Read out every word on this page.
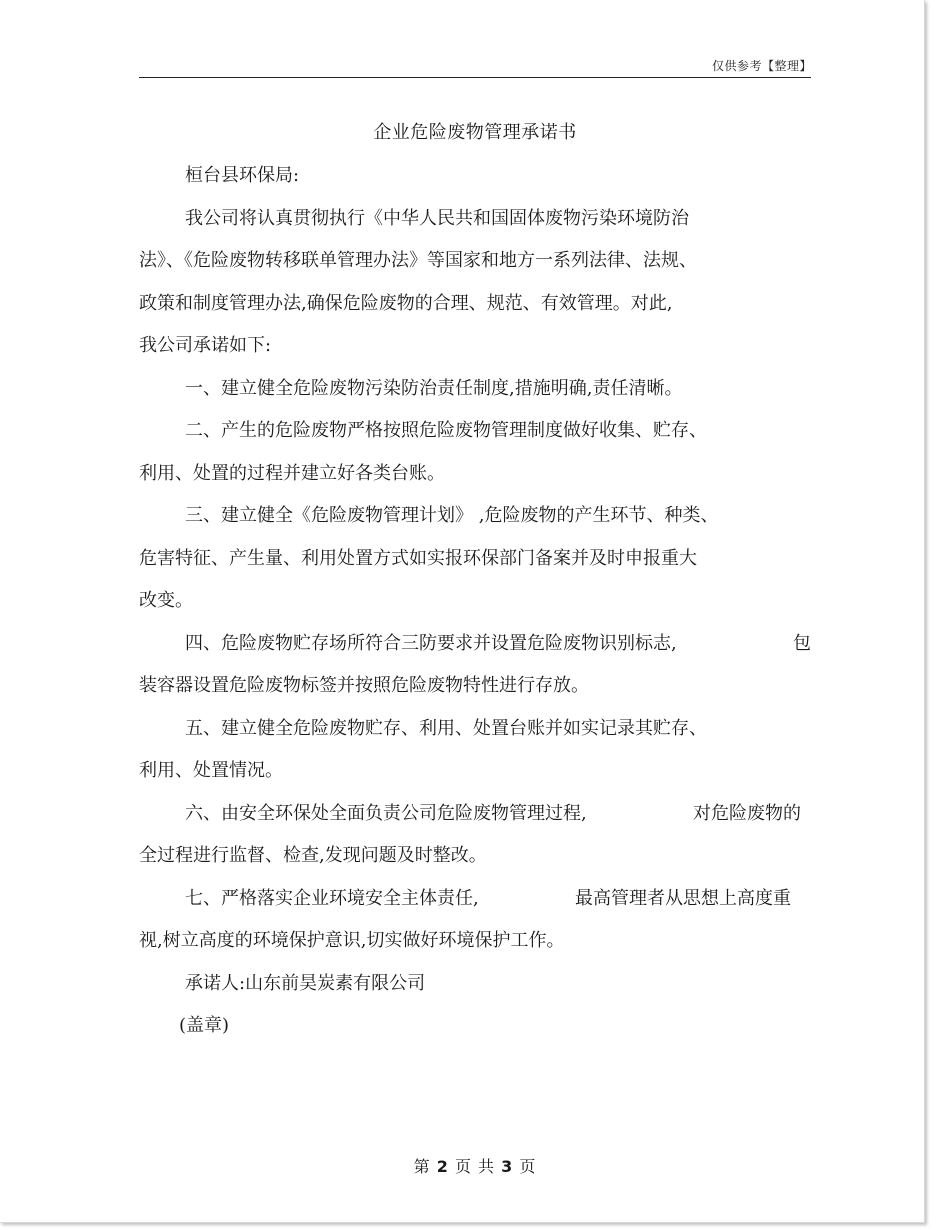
仅供参考【整理】
企业危险废物管理承诺书

桓台县环保局:

我公司将认真贯彻执行《中华人民共和国固体废物污染环境防治

法》、《危险废物转移联单管理办法》等国家和地方一系列法律、法规、

政策和制度管理办法,确保危险废物的合理、规范、有效管理。对此,

我公司承诺如下:

一、建立健全危险废物污染防治责任制度,措施明确,责任清晰。

二、产生的危险废物严格按照危险废物管理制度做好收集、贮存、

利用、处置的过程并建立好各类台账。

三、建立健全《危险废物管理计划》 ,危险废物的产生环节、种类、

危害特征、产生量、利用处置方式如实报环保部门备案并及时申报重大

改变。

四、危险废物贮存场所符合三防要求并设置危险废物识别标志,	包

装容器设置危险废物标签并按照危险废物特性进行存放。

五、建立健全危险废物贮存、利用、处置台账并如实记录其贮存、

利用、处置情况。

六、由安全环保处全面负责公司危险废物管理过程,	对危险废物的

全过程进行监督、检查,发现问题及时整改。

七、严格落实企业环境安全主体责任,	最高管理者从思想上高度重

视,树立高度的环境保护意识,切实做好环境保护工作。

承诺人:山东前昊炭素有限公司

(盖章)

第 2 页 共 3 页
